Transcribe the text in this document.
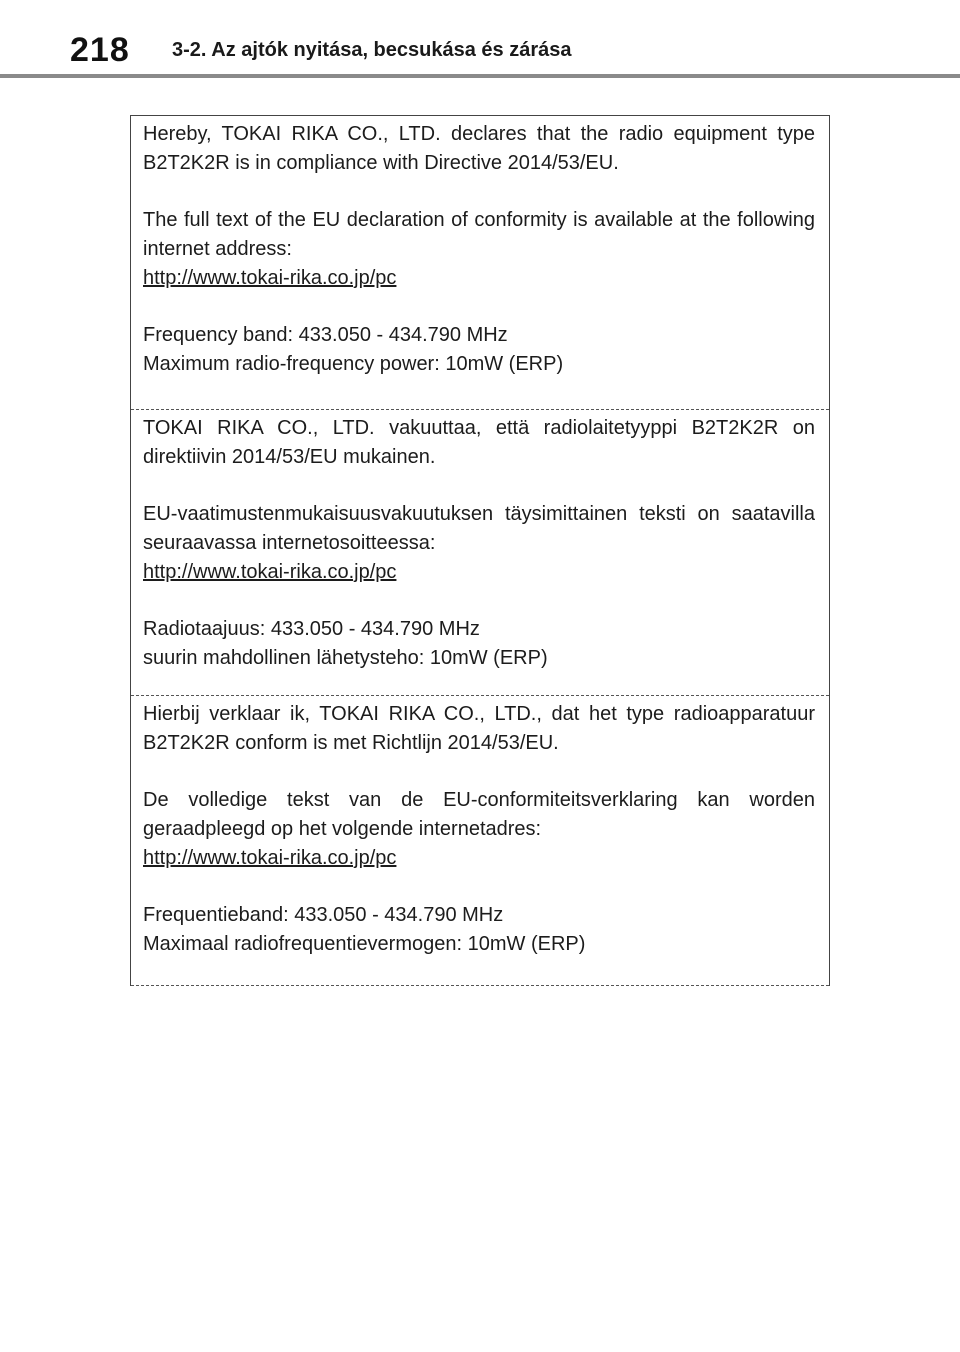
218 3-2. Az ajtók nyitása, becsukása és zárása

Hereby, TOKAI RIKA CO., LTD. declares that the radio equipment type B2T2K2R is in compliance with Directive 2014/53/EU.

The full text of the EU declaration of conformity is available at the following internet address:

http://www.tokai-rika.co.jp/pc

Frequency band: 433.050 - 434.790 MHz

Maximum radio-frequency power: 10mW (ERP)

TOKAI RIKA CO., LTD. vakuuttaa, että radiolaitetyyppi B2T2K2R on direktiivin 2014/53/EU mukainen.

EU-vaatimustenmukaisuusvakuutuksen täysimittainen teksti on saatavilla seuraavassa internetosoitteessa:

http://www.tokai-rika.co.jp/pc

Radiotaajuus: 433.050 - 434.790 MHz

suurin mahdollinen lähetysteho: 10mW (ERP)

Hierbij verklaar ik, TOKAI RIKA CO., LTD., dat het type radioapparatuur B2T2K2R conform is met Richtlijn 2014/53/EU.

De volledige tekst van de EU-conformiteitsverklaring kan worden geraadpleegd op het volgende internetadres:

http://www.tokai-rika.co.jp/pc

Frequentieband: 433.050 - 434.790 MHz

Maximaal radiofrequentievermogen: 10mW (ERP)
